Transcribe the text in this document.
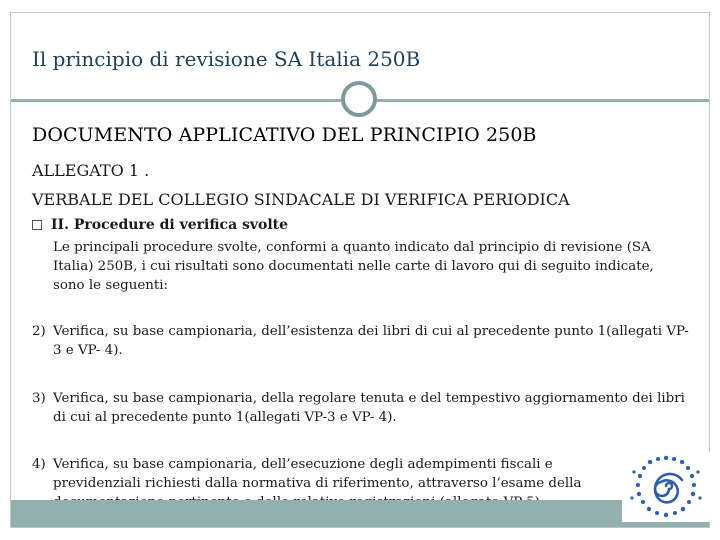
Il principio di revisione SA Italia 250B
DOCUMENTO APPLICATIVO DEL PRINCIPIO 250B
ALLEGATO 1 .
VERBALE DEL COLLEGIO SINDACALE DI VERIFICA PERIODICA
II. Procedure di verifica svolte
Le principali procedure svolte, conformi a quanto indicato dal principio di revisione (SA Italia) 250B, i cui risultati sono documentati nelle carte di lavoro qui di seguito indicate, sono le seguenti:
2) Verifica, su base campionaria, dell’esistenza dei libri di cui al precedente punto 1(allegati VP-3 e VP- 4).
3) Verifica, su base campionaria, della regolare tenuta e del tempestivo aggiornamento dei libri di cui al precedente punto 1(allegati VP-3 e VP- 4).
4) Verifica, su base campionaria, dell’esecuzione degli adempimenti fiscali e previdenziali richiesti dalla normativa di riferimento, attraverso l’esame della
